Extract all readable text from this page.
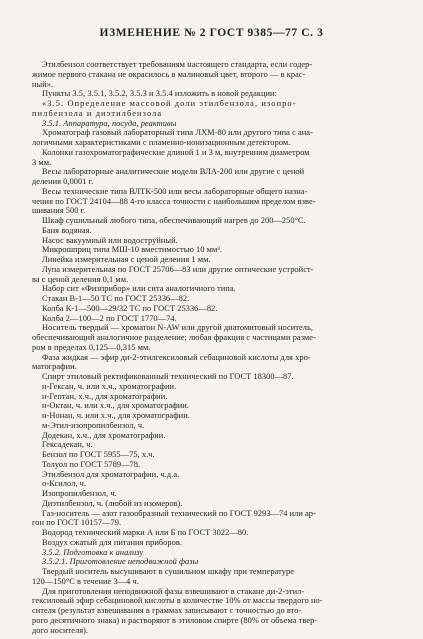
ИЗМЕНЕНИЕ № 2 ГОСТ 9385—77 С. 3
Этилбензол соответствует требованиям настоящего стандарта, если содер-
жимое первого стакана не окрасилось в малиновый цвет, второго — в крас-
ный».
Пункты 3.5, 3.5.1, 3.5.2, 3.5.3 и 3.5.4 изложить в новой редакции:
«3.5. Определение массовой доли этилбензола, изопро-
пилбензола и диэтилбензола
3.5.1. Аппаратура, посуда, реактивы
Хроматограф газовый лабораторный типа ЛХМ-80 или другого типа с ана-
логичными характеристиками с пламенно-ионизационным детектором.
Колонки газохроматографические длиной 1 и 3 м, внутренним диаметром
3 мм.
Весы лабораторные аналитические модели ВЛА-200 или другие с ценой
деления 0,0001 г.
Весы технические типа ВЛТК-500 или весы лабораторные общего назна-
чения по ГОСТ 24104—88 4-го класса точности с наибольшим пределом взве-
шивания 500 г.
Шкаф сушильный любого типа, обеспечивающий нагрев до 200—250°С.
Баня водяная.
Насос вакуумный или водоструйный.
Микрошприц типа МШ-10 вместимостью 10 мм³.
Линейка измерительная с ценой деления 1 мм.
Лупа измерительная по ГОСТ 25706—83 или другие оптические устройст-
ва с ценой деления 0,1 мм.
Набор сит «Физприбор» или сита аналогичного типа.
Стакан В-1—50 ТС по ГОСТ 25336—82.
Колба К-1—500—29/32 ТС по ГОСТ 25336—82.
Колба 2—100—2 по ГОСТ 1770—74.
Носитель твердый — хроматон N-AW или другой диатомитовый носитель,
обеспечивающий аналогичное разделение; любая фракция с частицами разме-
ром в пределах 0,125—0,315 мм.
Фаза жидкая — эфир ди-2-этилгексиловый себациновой кислоты для хро-
матографии.
Спирт этиловый ректификованный технический по ГОСТ 18300—87.
н-Гексан, ч. или х.ч., хроматографии.
н-Гептан, х.ч., для хроматографии.
н-Октан, ч. или х.ч., для хроматографии.
н-Нонан, ч. или х.ч., для хроматографии.
м-Этил-изопропилбензол, ч.
Додекан, х.ч., для хроматографии.
Гексадекан, ч.
Бензол по ГОСТ 5955—75, х.ч.
Толуол по ГОСТ 5789—78.
Этилбензол для хроматографии, ч.д.а.
о-Ксилол, ч.
Изопропилбензол, ч.
Диэтилбензол, ч. (любой из изомеров).
Газ-носитель — азот газообразный технический по ГОСТ 9293—74 или ар-
гон по ГОСТ 10157—79.
Водород технический марки А или Б по ГОСТ 3022—80.
Воздух сжатый для питания приборов.
3.5.2. Подготовка к анализу
3.5.2.1. Приготовление неподвижной фазы
Твердый носитель высушивают в сушильном шкафу при температуре
120—150°С в течение 3—4 ч.
Для приготовления неподвижной фазы взвешивают в стакане ди-2-этил-
гексиловый эфир себациновой кислоты в количестве 10% от массы твердого но-
сителя (результат взвешивания в граммах записывают с точностью до вто-
рого десятичного знака) и растворяют в этиловом спирте (80% от объема твер-
дого носителя).
